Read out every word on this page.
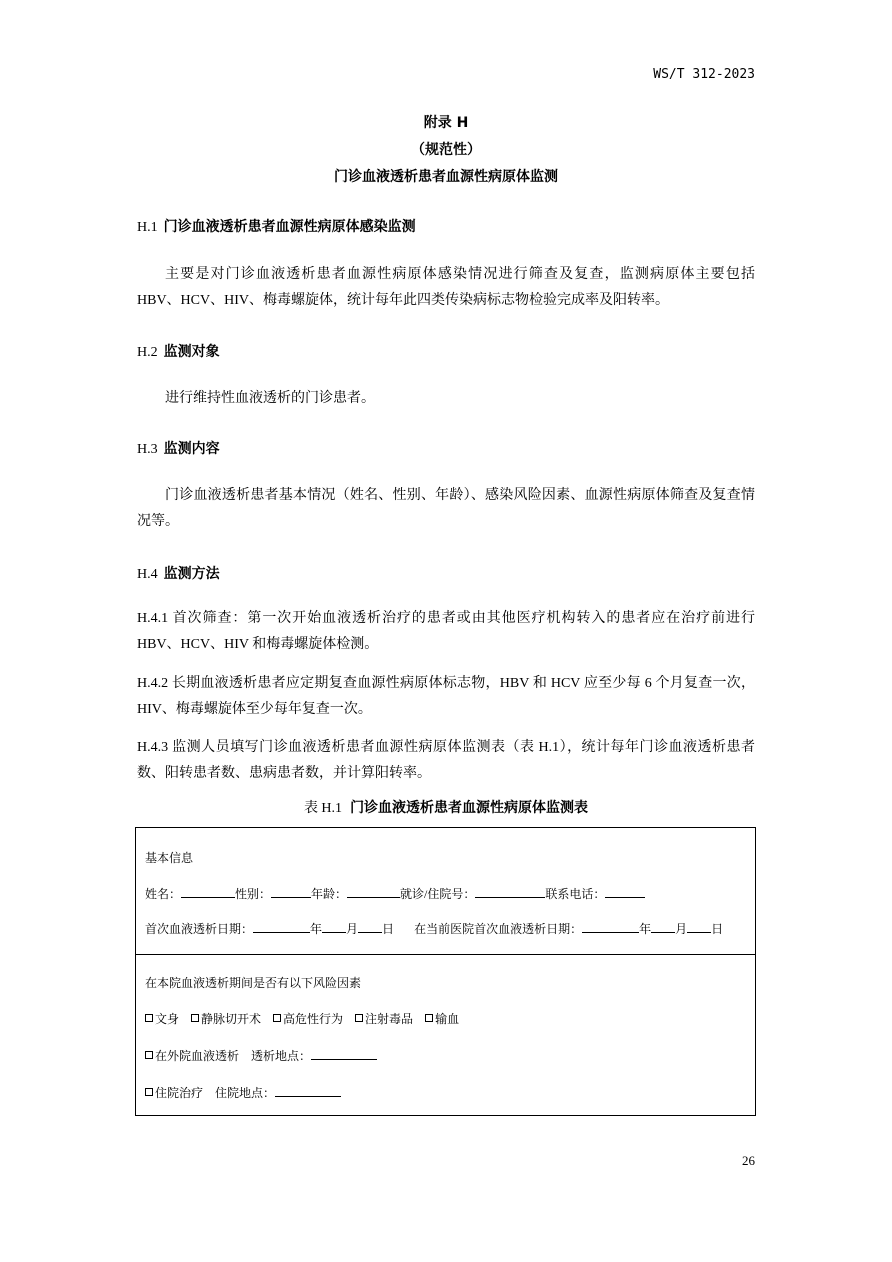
WS/T 312-2023
附录 H
（规范性）
门诊血液透析患者血源性病原体监测
H.1 门诊血液透析患者血源性病原体感染监测
主要是对门诊血液透析患者血源性病原体感染情况进行筛查及复查，监测病原体主要包括 HBV、HCV、HIV、梅毒螺旋体，统计每年此四类传染病标志物检验完成率及阳转率。
H.2 监测对象
进行维持性血液透析的门诊患者。
H.3 监测内容
门诊血液透析患者基本情况（姓名、性别、年龄）、感染风险因素、血源性病原体筛查及复查情况等。
H.4 监测方法
H.4.1 首次筛查：第一次开始血液透析治疗的患者或由其他医疗机构转入的患者应在治疗前进行 HBV、HCV、HIV 和梅毒螺旋体检测。
H.4.2 长期血液透析患者应定期复查血源性病原体标志物，HBV 和 HCV 应至少每 6 个月复查一次，HIV、梅毒螺旋体至少每年复查一次。
H.4.3 监测人员填写门诊血液透析患者血源性病原体监测表（表 H.1），统计每年门诊血液透析患者数、阳转患者数、患病患者数，并计算阳转率。
表 H.1 门诊血液透析患者血源性病原体监测表
基本信息
姓名：	性别：	年龄：	就诊/住院号：	联系电话：
首次血液透析日期：	年 月 日 在当前医院首次血液透析日期：	年 月 日
在本院血液透析期间是否有以下风险因素
文身 静脉切开术 高危性行为 注射毒品 输血
在外院血液透析 透析地点：
住院治疗 住院地点：
26
